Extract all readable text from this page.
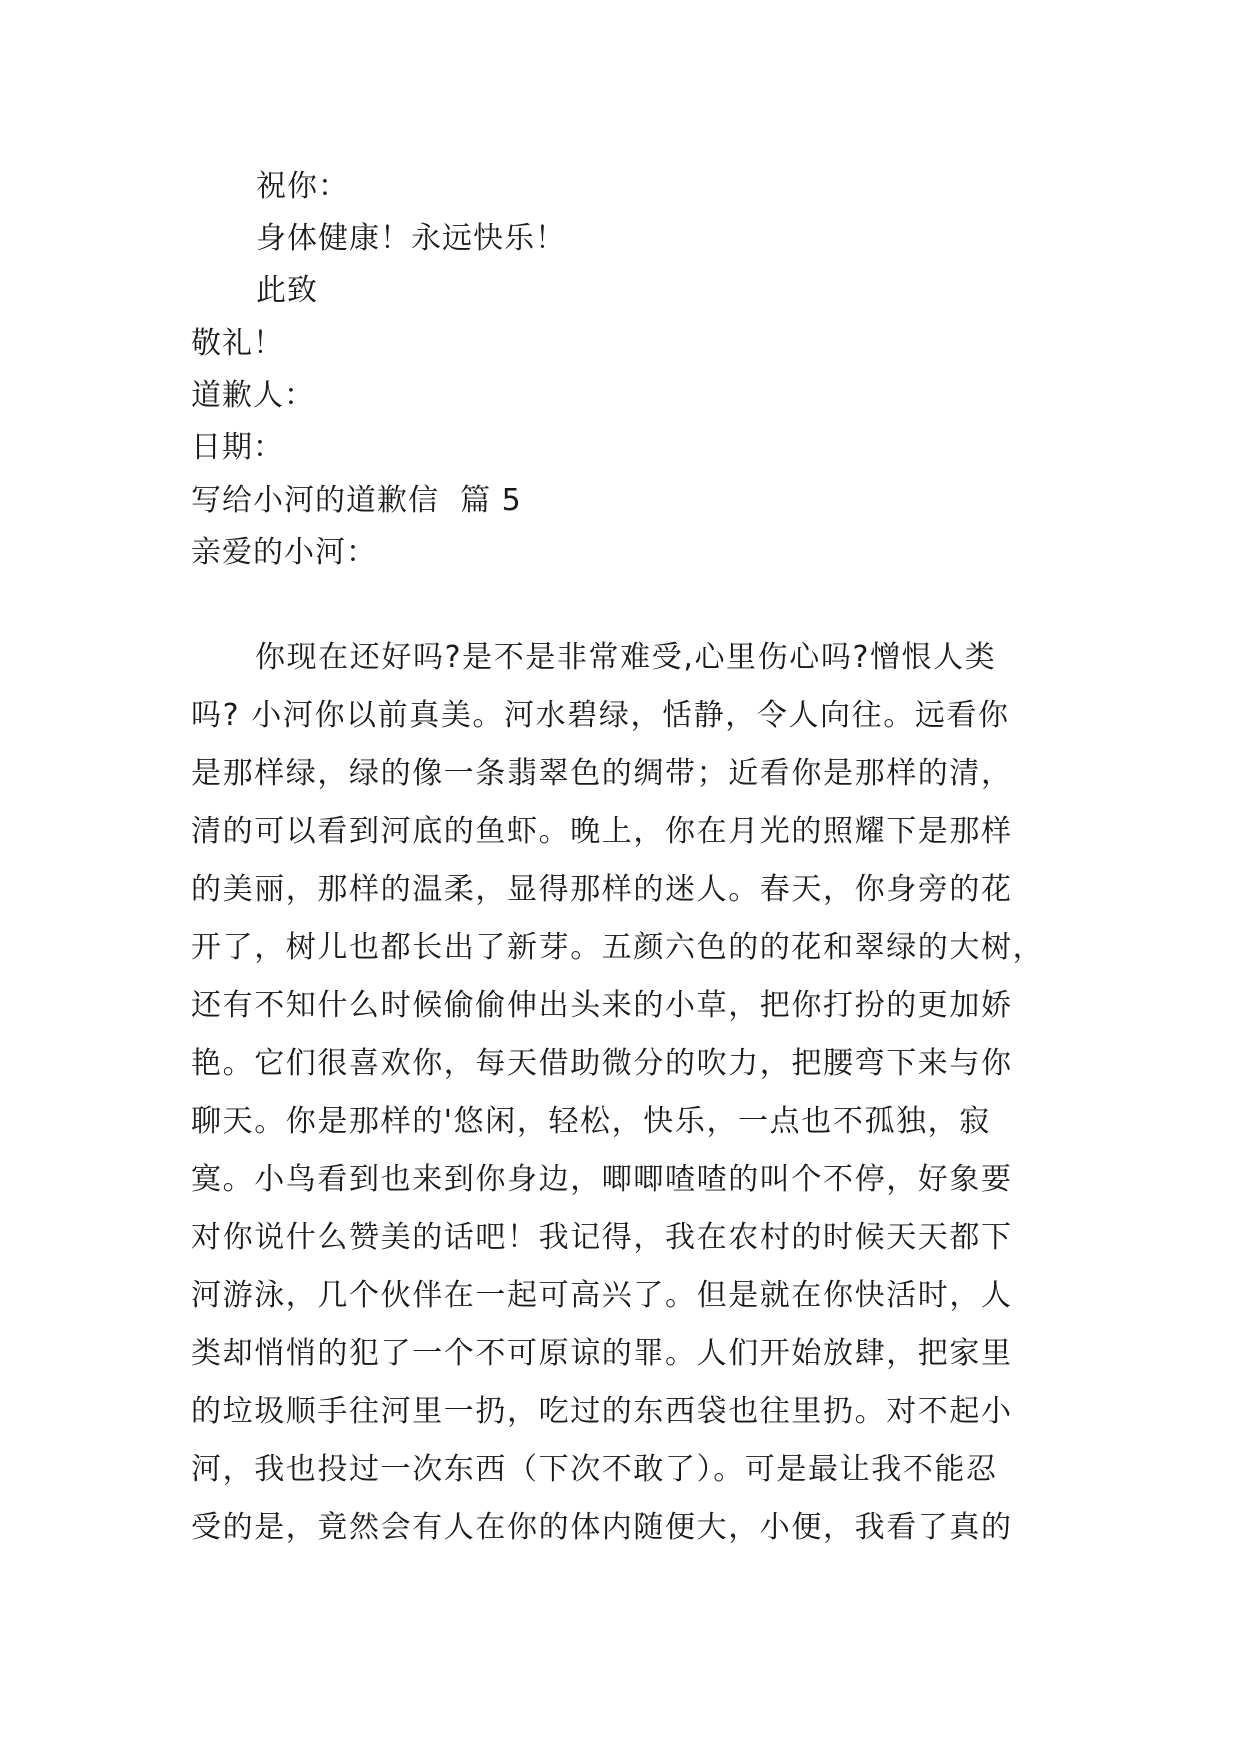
祝你：
身体健康！永远快乐！
此致
敬礼！
道歉人：
日期：
写给小河的道歉信  篇 5
亲爱的小河：
你现在还好吗?是不是非常难受,心里伤心吗?憎恨人类
吗? 小河你以前真美。河水碧绿，恬静，令人向往。远看你
是那样绿，绿的像一条翡翠色的绸带；近看你是那样的清，
清的可以看到河底的鱼虾。晚上，你在月光的照耀下是那样
的美丽，那样的温柔，显得那样的迷人。春天，你身旁的花
开了，树儿也都长出了新芽。五颜六色的的花和翠绿的大树，
还有不知什么时候偷偷伸出头来的小草，把你打扮的更加娇
艳。它们很喜欢你，每天借助微分的吹力，把腰弯下来与你
聊天。你是那样的'悠闲，轻松，快乐，一点也不孤独，寂
寞。小鸟看到也来到你身边，唧唧喳喳的叫个不停，好象要
对你说什么赞美的话吧！我记得，我在农村的时候天天都下
河游泳，几个伙伴在一起可高兴了。但是就在你快活时，人
类却悄悄的犯了一个不可原谅的罪。人们开始放肆，把家里
的垃圾顺手往河里一扔，吃过的东西袋也往里扔。对不起小
河，我也投过一次东西（下次不敢了）。可是最让我不能忍
受的是，竟然会有人在你的体内随便大，小便，我看了真的
